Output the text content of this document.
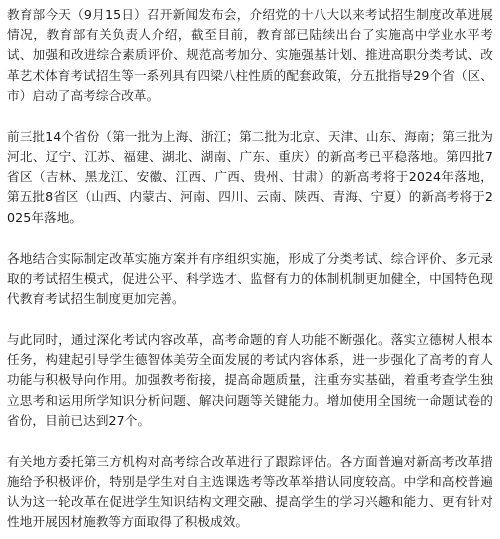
教育部今天（9月15日）召开新闻发布会，介绍党的十八大以来考试招生制度改革进展情况，教育部有关负责人介绍，截至目前，教育部已陆续出台了实施高中学业水平考试、加强和改进综合素质评价、规范高考加分、实施强基计划、推进高职分类考试、改革艺术体育考试招生等一系列具有四梁八柱性质的配套政策，分五批指导29个省（区、市）启动了高考综合改革。

前三批14个省份（第一批为上海、浙江；第二批为北京、天津、山东、海南；第三批为河北、辽宁、江苏、福建、湖北、湖南、广东、重庆）的新高考已平稳落地。第四批7省区（吉林、黑龙江、安徽、江西、广西、贵州、甘肃）的新高考将于2024年落地，第五批8省区（山西、内蒙古、河南、四川、云南、陕西、青海、宁夏）的新高考将于2025年落地。

各地结合实际制定改革实施方案并有序组织实施，形成了分类考试、综合评价、多元录取的考试招生模式，促进公平、科学选才、监督有力的体制机制更加健全，中国特色现代教育考试招生制度更加完善。

与此同时，通过深化考试内容改革，高考命题的育人功能不断强化。落实立德树人根本任务，构建起引导学生德智体美劳全面发展的考试内容体系，进一步强化了高考的育人功能与积极导向作用。加强教考衔接，提高命题质量，注重夯实基础，着重考查学生独立思考和运用所学知识分析问题、解决问题等关键能力。增加使用全国统一命题试卷的省份，目前已达到27个。

有关地方委托第三方机构对高考综合改革进行了跟踪评估。各方面普遍对新高考改革措施给予积极评价，特别是学生对自主选课选考等改革举措认同度较高。中学和高校普遍认为这一轮改革在促进学生知识结构文理交融、提高学生的学习兴趣和能力、更有针对性地开展因材施教等方面取得了积极成效。
